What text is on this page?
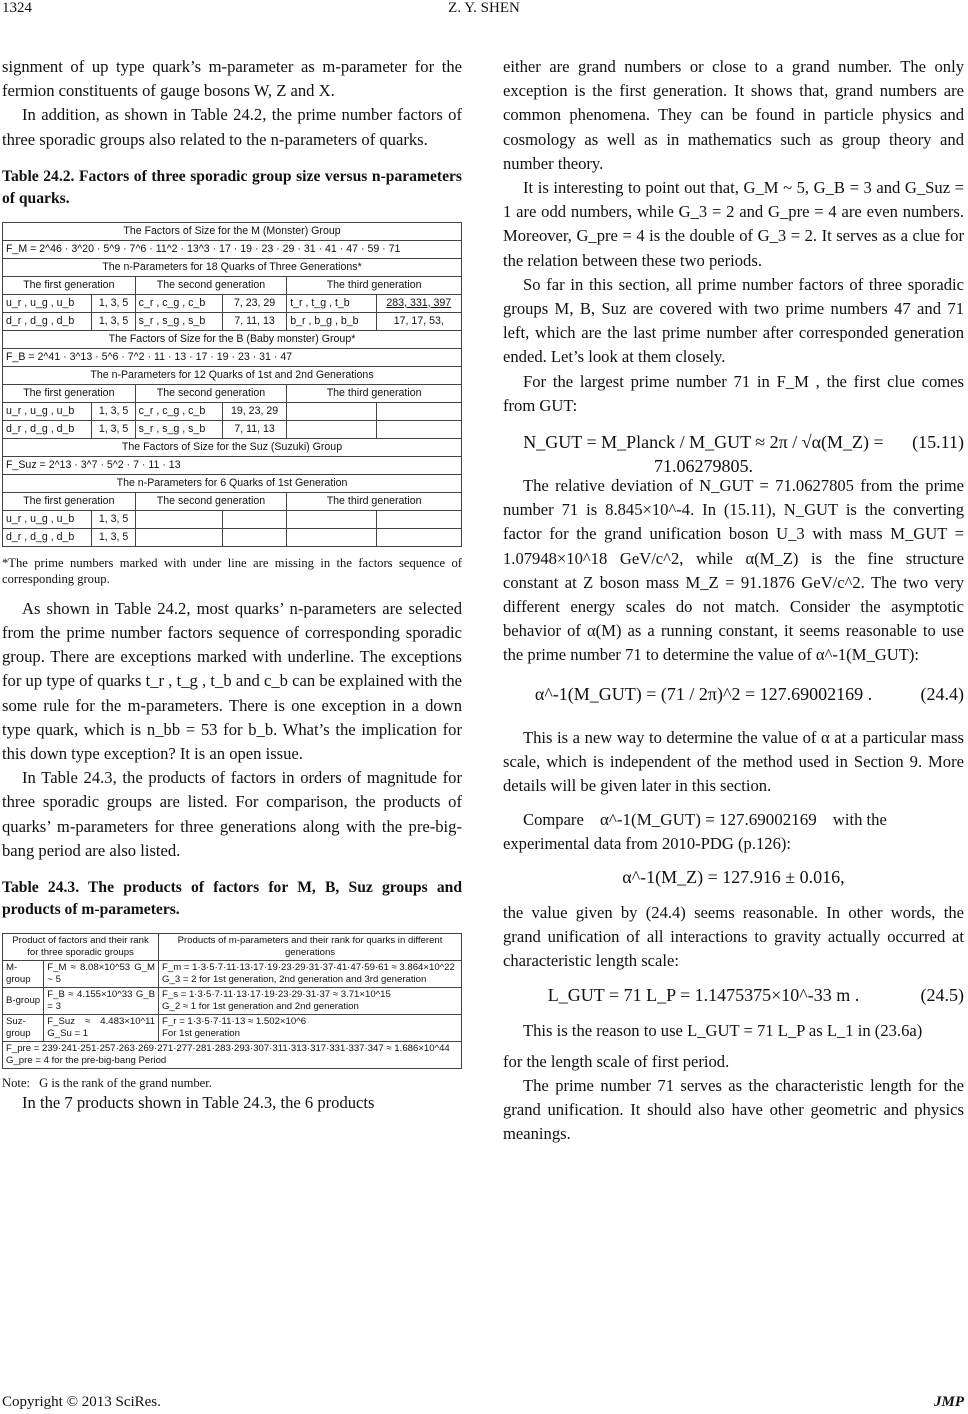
1324	Z. Y. SHEN

signment of up type quark’s m-parameter as m-parameter for the fermion constituents of gauge bosons W, Z and X.

In addition, as shown in Table 24.2, the prime number factors of three sporadic groups also related to the n-parameters of quarks.

Table 24.2. Factors of three sporadic group size versus n-parameters of quarks.

The Factors of Size for the M (Monster) Group					
F_M = 2^46 · 3^20 · 5^9 · 7^6 · 11^2 · 13^3 · 17 · 19 · 23 · 29 · 31 · 41 · 47 · 59 · 71					
The n-Parameters for 18 Quarks of Three Generations*					
The first generation		The second generation		The third generation	
u_r , u_g , u_b	1, 3, 5	c_r , c_g , c_b	7, 23, 29	t_r , t_g , t_b	283, 331, 397
d_r , d_g , d_b	1, 3, 5	s_r , s_g , s_b	7, 11, 13	b_r , b_g , b_b	17, 17, 53,
The Factors of Size for the B (Baby monster) Group*					
F_B = 2^41 · 3^13 · 5^6 · 7^2 · 11 · 13 · 17 · 19 · 23 · 31 · 47					
The n-Parameters for 12 Quarks of 1st and 2nd Generations					
The first generation		The second generation		The third generation	
u_r , u_g , u_b	1, 3, 5	c_r , c_g , c_b	19, 23, 29		
d_r , d_g , d_b	1, 3, 5	s_r , s_g , s_b	7, 11, 13		
The Factors of Size for the Suz (Suzuki) Group					
F_Suz = 2^13 · 3^7 · 5^2 · 7 · 11 · 13					
The n-Parameters for 6 Quarks of 1st Generation					
The first generation		The second generation		The third generation	
u_r , u_g , u_b	1, 3, 5				
d_r , d_g , d_b	1, 3, 5				

*The prime numbers marked with under line are missing in the factors sequence of corresponding group.

As shown in Table 24.2, most quarks’ n-parameters are selected from the prime number factors sequence of corresponding sporadic group. There are exceptions marked with underline. The exceptions for up type of quarks t_r , t_g , t_b and c_b can be explained with the some rule for the m-parameters. There is one exception in a down type quark, which is n_bb = 53 for b_b. What’s the implication for this down type exception? It is an open issue.

In Table 24.3, the products of factors in orders of magnitude for three sporadic groups are listed. For comparison, the products of quarks’ m-parameters for three generations along with the pre-big-bang period are also listed.

Table 24.3. The products of factors for M, B, Suz groups and products of m-parameters.

Product of factors and their rank for three sporadic groups		Products of m-parameters and their rank for quarks in different generations
M-group	F_M ≈ 8.08×10^53 G_M ~ 5	F_m = 1·3·5·7·11·13·17·19·23·29·31·37·41·47·59·61 ≈ 3.864×10^22
G_3 = 2 for 1st generation, 2nd generation and 3rd generation

B-group	F_B ≈ 4.155×10^33 G_B = 3	F_s = 1·3·5·7·11·13·17·19·23·29·31·37 ≈ 3.71×10^15
G_2 ≈ 1 for 1st generation and 2nd generation

Suz-group	F_Suz ≈ 4.483×10^11 G_Su = 1	F_r = 1·3·5·7·11·13 ≈ 1.502×10^6
For 1st generation

F_pre = 239·241·251·257·263·269·271·277·281·283·293·307·311·313·317·331·337·347 ≈ 1.686×10^44
G_pre = 4 for the pre-big-bang Period		

Note: G is the rank of the grand number.

In the 7 products shown in Table 24.3, the 6 products

either are grand numbers or close to a grand number. The only exception is the first generation. It shows that, grand numbers are common phenomena. They can be found in particle physics and cosmology as well as in mathematics such as group theory and number theory.

It is interesting to point out that, G_M ~ 5, G_B = 3 and G_Suz = 1 are odd numbers, while G_3 = 2 and G_pre = 4 are even numbers. Moreover, G_pre = 4 is the double of G_3 = 2. It serves as a clue for the relation between these two periods.

So far in this section, all prime number factors of three sporadic groups M, B, Suz are covered with two prime numbers 47 and 71 left, which are the last prime number after corresponded generation ended. Let’s look at them closely.

For the largest prime number 71 in F_M , the first clue comes from GUT:

N_GUT = M_Planck / M_GUT ≈ 2π / √α(M_Z) = 71.06279805.
(15.11)

The relative deviation of N_GUT = 71.0627805 from the prime number 71 is 8.845×10^-4. In (15.11), N_GUT is the converting factor for the grand unification boson U_3 with mass M_GUT = 1.07948×10^18 GeV/c^2, while α(M_Z) is the fine structure constant at Z boson mass M_Z = 91.1876 GeV/c^2. The two very different energy scales do not match. Consider the asymptotic behavior of α(M) as a running constant, it seems reasonable to use the prime number 71 to determine the value of α^-1(M_GUT):

α^-1(M_GUT) = (71 / 2π)^2 = 127.69002169 .	(24.4)

This is a new way to determine the value of α at a particular mass scale, which is independent of the method used in Section 9. More details will be given later in this section.

Compare α^-1(M_GUT) = 127.69002169 with the

experimental data from 2010-PDG (p.126):

α^-1(M_Z) = 127.916 ± 0.016,

the value given by (24.4) seems reasonable. In other words, the grand unification of all interactions to gravity actually occurred at characteristic length scale:

L_GUT = 71 L_P = 1.1475375×10^-33 m .	(24.5)

This is the reason to use L_GUT = 71 L_P as L_1 in (23.6a)

for the length scale of first period.

The prime number 71 serves as the characteristic length for the grand unification. It should also have other geometric and physics meanings.

Copyright © 2013 SciRes.	JMP
